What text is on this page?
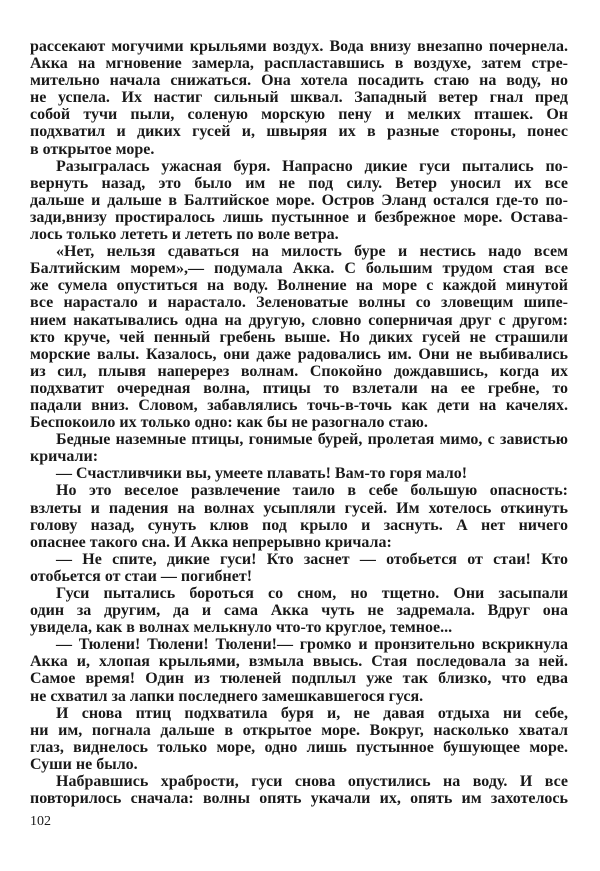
рассекают могучими крыльями воздух. Вода внизу внезапно почернела.
Акка на мгновение замерла, распластавшись в воздухе, затем стре-
мительно начала снижаться. Она хотела посадить стаю на воду, но
не успела. Их настиг сильный шквал. Западный ветер гнал пред
собой тучи пыли, соленую морскую пену и мелких пташек. Он
подхватил и диких гусей и, швыряя их в разные стороны, понес
в открытое море.
Разыгралась ужасная буря. Напрасно дикие гуси пытались по-
вернуть назад, это было им не под силу. Ветер уносил их все
дальше и дальше в Балтийское море. Остров Эланд остался где-то по-
зади,внизу простиралось лишь пустынное и безбрежное море. Остава-
лось только лететь и лететь по воле ветра.
«Нет, нельзя сдаваться на милость буре и нестись надо всем
Балтийским морем»,— подумала Акка. С большим трудом стая все
же сумела опуститься на воду. Волнение на море с каждой минутой
все нарастало и нарастало. Зеленоватые волны со зловещим шипе-
нием накатывались одна на другую, словно соперничая друг с другом:
кто круче, чей пенный гребень выше. Но диких гусей не страшили
морские валы. Казалось, они даже радовались им. Они не выбивались
из сил, плывя наперерез волнам. Спокойно дождавшись, когда их
подхватит очередная волна, птицы то взлетали на ее гребне, то
падали вниз. Словом, забавлялись точь-в-точь как дети на качелях.
Беспокоило их только одно: как бы не разогнало стаю.
Бедные наземные птицы, гонимые бурей, пролетая мимо, с завистью
кричали:
— Счастливчики вы, умеете плавать! Вам-то горя мало!
Но это веселое развлечение таило в себе большую опасность:
взлеты и падения на волнах усыпляли гусей. Им хотелось откинуть
голову назад, сунуть клюв под крыло и заснуть. А нет ничего
опаснее такого сна. И Акка непрерывно кричала:
— Не спите, дикие гуси! Кто заснет — отобьется от стаи! Кто
отобьется от стаи — погибнет!
Гуси пытались бороться со сном, но тщетно. Они засыпали
один за другим, да и сама Акка чуть не задремала. Вдруг она
увидела, как в волнах мелькнуло что-то круглое, темное...
— Тюлени! Тюлени! Тюлени!— громко и пронзительно вскрикнула
Акка и, хлопая крыльями, взмыла ввысь. Стая последовала за ней.
Самое время! Один из тюленей подплыл уже так близко, что едва
не схватил за лапки последнего замешкавшегося гуся.
И снова птиц подхватила буря и, не давая отдыха ни себе,
ни им, погнала дальше в открытое море. Вокруг, насколько хватал
глаз, виднелось только море, одно лишь пустынное бушующее море.
Суши не было.
Набравшись храбрости, гуси снова опустились на воду. И все
повторилось сначала: волны опять укачали их, опять им захотелось
102
